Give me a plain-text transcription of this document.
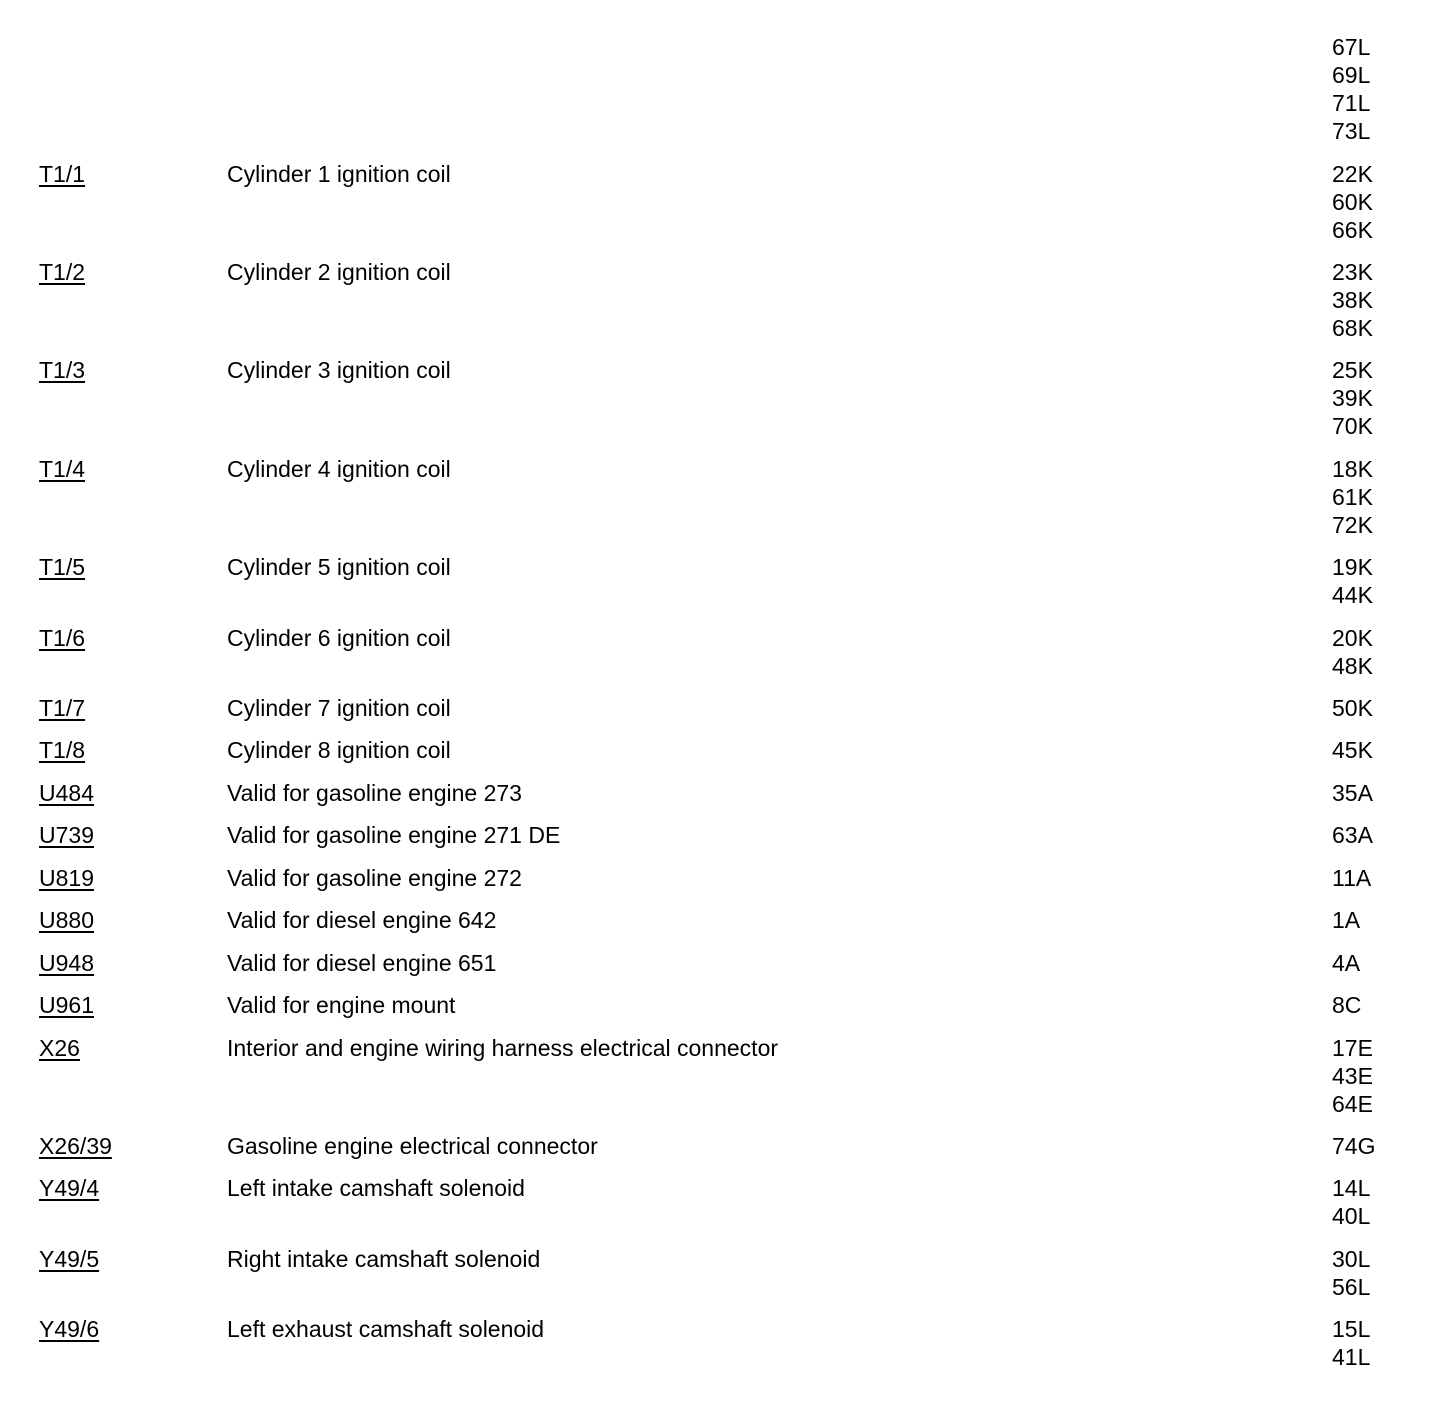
67L
69L
71L
73L
T1/1	Cylinder 1 ignition coil	22K
60K
66K
T1/2	Cylinder 2 ignition coil	23K
38K
68K
T1/3	Cylinder 3 ignition coil	25K
39K
70K
T1/4	Cylinder 4 ignition coil	18K
61K
72K
T1/5	Cylinder 5 ignition coil	19K
44K
T1/6	Cylinder 6 ignition coil	20K
48K
T1/7	Cylinder 7 ignition coil	50K
T1/8	Cylinder 8 ignition coil	45K
U484	Valid for gasoline engine 273	35A
U739	Valid for gasoline engine 271 DE	63A
U819	Valid for gasoline engine 272	11A
U880	Valid for diesel engine 642	1A
U948	Valid for diesel engine 651	4A
U961	Valid for engine mount	8C
X26	Interior and engine wiring harness electrical connector	17E
43E
64E
X26/39	Gasoline engine electrical connector	74G
Y49/4	Left intake camshaft solenoid	14L
40L
Y49/5	Right intake camshaft solenoid	30L
56L
Y49/6	Left exhaust camshaft solenoid	15L
41L
